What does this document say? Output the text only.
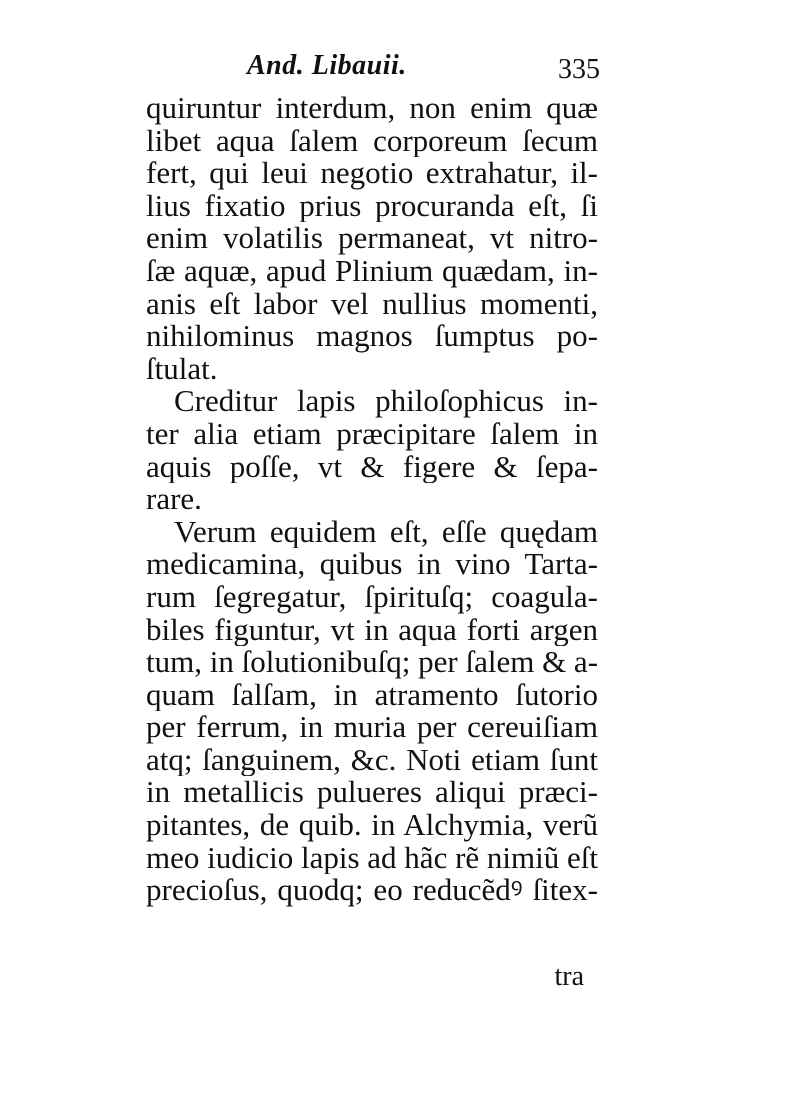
And. Libauii.	335
quiruntur interdum, non enim quæ
libet aqua ſalem corporeum ſecum
fert, qui leui negotio extrahatur, il-
lius fixatio prius procuranda eſt, ſi
enim volatilis permaneat, vt nitro-
ſæ aquæ, apud Plinium quædam, in-
anis eſt labor vel nullius momenti,
nihilominus magnos ſumptus po-
ſtulat.
Creditur lapis philoſophicus in-
ter alia etiam præcipitare ſalem in
aquis poſſe, vt & figere & ſepa-
rare.
Verum equidem eſt, eſſe quędam
medicamina, quibus in vino Tarta-
rum ſegregatur, ſpirituſq; coagula-
biles figuntur, vt in aqua forti argen
tum, in ſolutionibuſq; per ſalem & a-
quam ſalſam, in atramento ſutorio
per ferrum, in muria per cereuiſiam
atq; ſanguinem, &c. Noti etiam ſunt
in metallicis pulueres aliqui præci-
pitantes, de quib. in Alchymia, verũ
meo iudicio lapis ad hãc rẽ nimiũ eſt
precioſus, quodq; eo reducẽdꝰ ſitex-
tra
